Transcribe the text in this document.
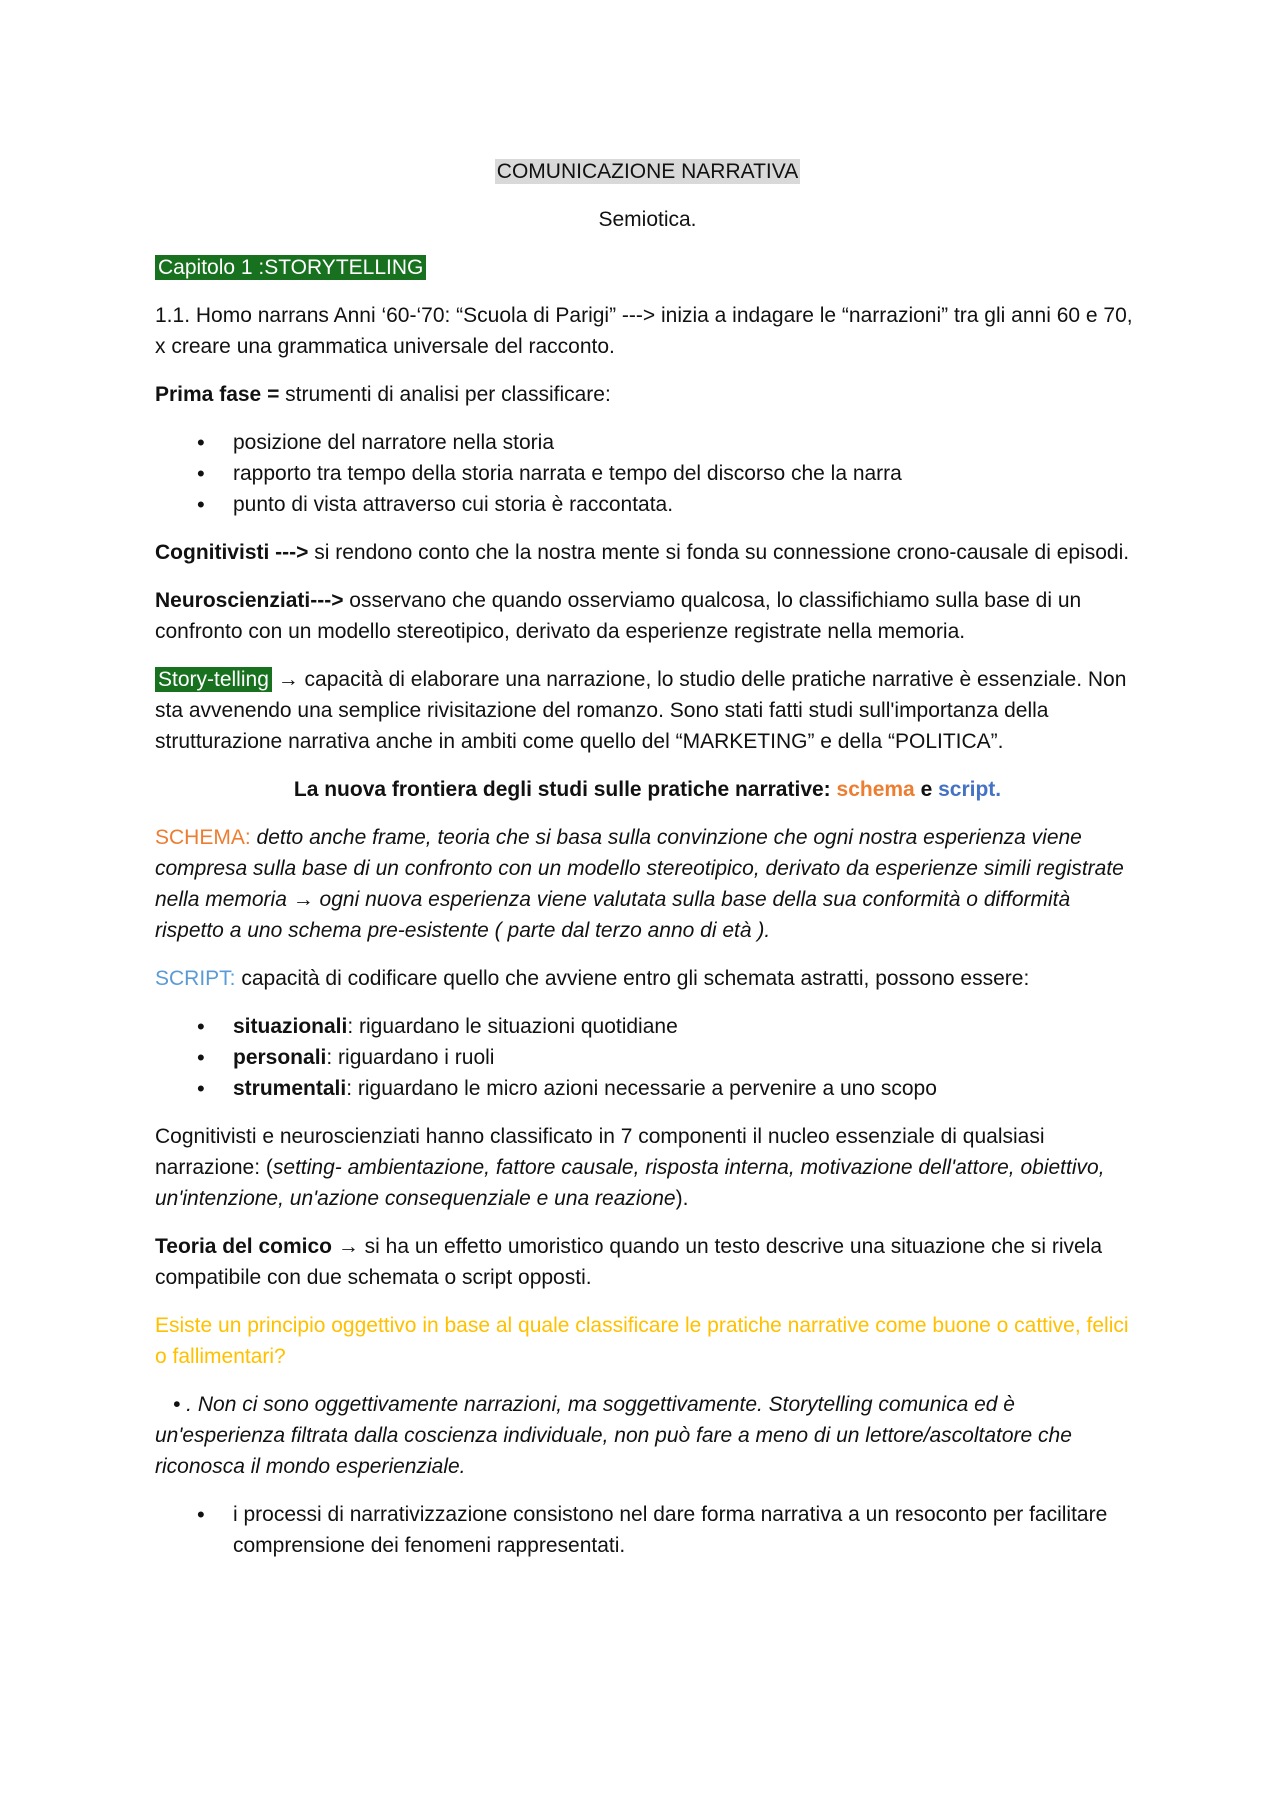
COMUNICAZIONE NARRATIVA

Semiotica.

Capitolo 1 :STORYTELLING

1.1. Homo narrans Anni ‘60-‘70: “Scuola di Parigi” ---> inizia a indagare le “narrazioni” tra gli anni 60 e 70, x creare una grammatica universale del racconto.

Prima fase = strumenti di analisi per classificare:

• posizione del narratore nella storia
• rapporto tra tempo della storia narrata e tempo del discorso che la narra
• punto di vista attraverso cui storia è raccontata.

Cognitivisti ---> si rendono conto che la nostra mente si fonda su connessione crono-causale di episodi.

Neuroscienziati---> osservano che quando osserviamo qualcosa, lo classifichiamo sulla base di un confronto con un modello stereotipico, derivato da esperienze registrate nella memoria.

Story-telling → capacità di elaborare una narrazione, lo studio delle pratiche narrative è essenziale. Non sta avvenendo una semplice rivisitazione del romanzo. Sono stati fatti studi sull'importanza della strutturazione narrativa anche in ambiti come quello del “MARKETING” e della “POLITICA”.

La nuova frontiera degli studi sulle pratiche narrative: schema e script.

SCHEMA: detto anche frame, teoria che si basa sulla convinzione che ogni nostra esperienza viene compresa sulla base di un confronto con un modello stereotipico, derivato da esperienze simili registrate nella memoria → ogni nuova esperienza viene valutata sulla base della sua conformità o difformità rispetto a uno schema pre-esistente ( parte dal terzo anno di età ).

SCRIPT: capacità di codificare quello che avviene entro gli schemata astratti, possono essere:

• situazionali: riguardano le situazioni quotidiane
• personali: riguardano i ruoli
• strumentali: riguardano le micro azioni necessarie a pervenire a uno scopo

Cognitivisti e neuroscienziati hanno classificato in 7 componenti il nucleo essenziale di qualsiasi narrazione: (setting- ambientazione, fattore causale, risposta interna, motivazione dell'attore, obiettivo, un'intenzione, un'azione consequenziale e una reazione).

Teoria del comico → si ha un effetto umoristico quando un testo descrive una situazione che si rivela compatibile con due schemata o script opposti.

Esiste un principio oggettivo in base al quale classificare le pratiche narrative come buone o cattive, felici o fallimentari?

• . Non ci sono oggettivamente narrazioni, ma soggettivamente. Storytelling comunica ed è un'esperienza filtrata dalla coscienza individuale, non può fare a meno di un lettore/ascoltatore che riconosca il mondo esperienziale.

• i processi di narrativizzazione consistono nel dare forma narrativa a un resoconto per facilitare comprensione dei fenomeni rappresentati.
